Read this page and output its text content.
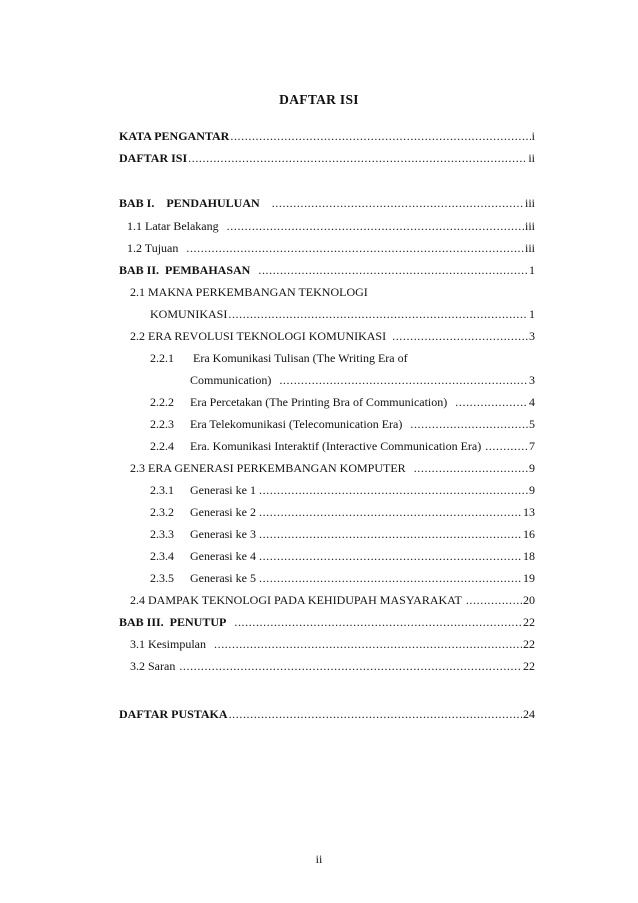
DAFTAR ISI
KATA PENGANTAR .....	i
DAFTAR ISI .....	ii
BAB I.    PENDAHULUAN .....	iii
1.1 Latar Belakang .....	iii
1.2 Tujuan .....	iii
BAB II.  PEMBAHASAN .....	1
2.1 MAKNA PERKEMBANGAN TEKNOLOGI
KOMUNIKASI .....	1
2.2 ERA REVOLUSI TEKNOLOGI KOMUNIKASI .....	3
2.2.1 Era Komunikasi Tulisan (The Writing Era of
Communication) .....	3
2.2.2 Era Percetakan (The Printing Bra of Communication) .....	4
2.2.3 Era Telekomunikasi (Telecomunication Era) .....	5
2.2.4 Era. Komunikasi Interaktif (Interactive Communication Era) .....	7
2.3 ERA GENERASI PERKEMBANGAN KOMPUTER .....	9
2.3.1 Generasi ke 1 .....	9
2.3.2 Generasi ke 2 .....	13
2.3.3 Generasi ke 3 .....	16
2.3.4 Generasi ke 4 .....	18
2.3.5 Generasi ke 5 .....	19
2.4 DAMPAK TEKNOLOGI PADA KEHIDUPAH MASYARAKAT .....	20
BAB III.  PENUTUP .....	22
3.1 Kesimpulan .....	22
3.2 Saran .....	22
DAFTAR PUSTAKA .....	24
ii
